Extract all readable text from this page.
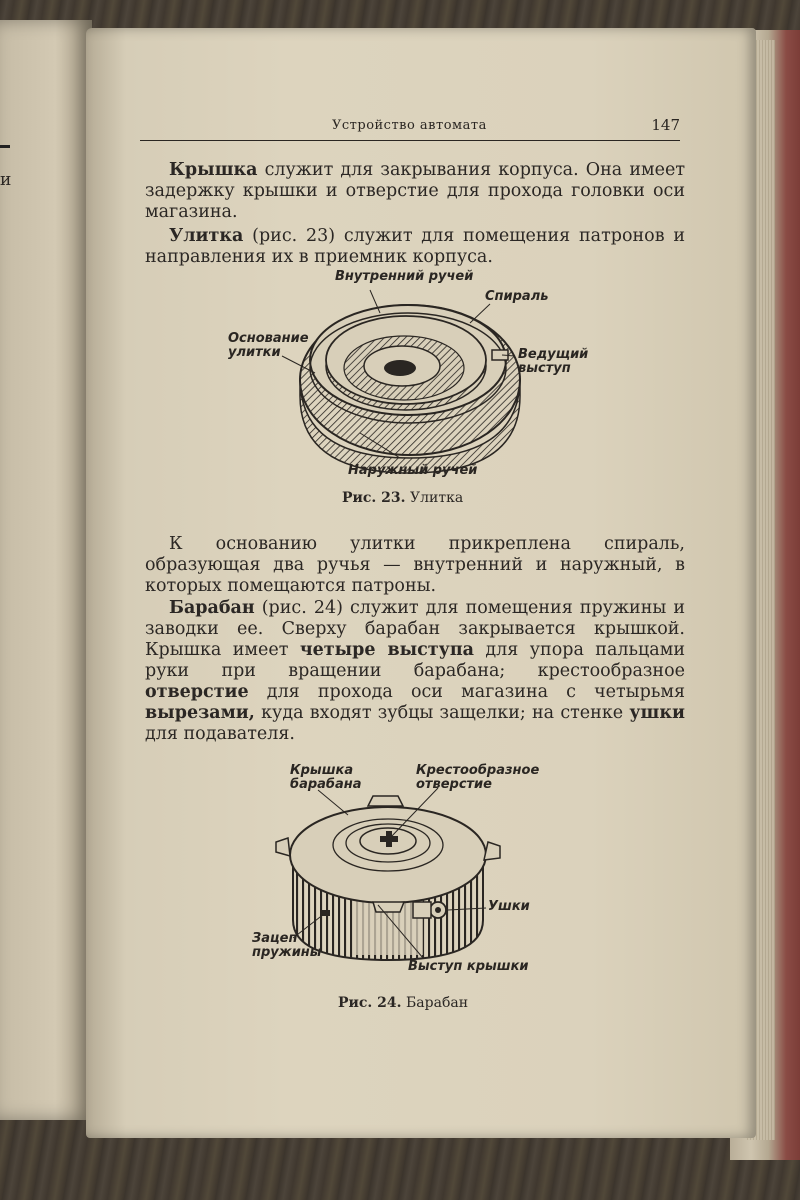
и
Устройство автомата	147
Крышка служит для закрывания корпуса. Она имеет задержку крышки и отверстие для прохода головки оси магазина.
Улитка (рис. 23) служит для помещения патронов и направления их в приемник корпуса.
Внутренний ручей
Спираль
Основание
улитки	Ведущий
выступ
Наружный ручей
Рис. 23. Улитка
К основанию улитки прикреплена спираль, образующая два ручья — внутренний и наружный, в которых помещаются патроны.
Барабан (рис. 24) служит для помещения пружины и заводки ее. Сверху барабан закрывается крышкой. Крышка имеет четыре выступа для упора пальцами руки при вращении барабана; крестообразное отверстие для прохода оси магазина с четырьмя вырезами, куда входят зубцы защелки; на стенке ушки для подавателя.
Крышка
барабана
Крестообразное
отверстие
Ушки
Зацеп
пружины
Выступ крышки
Рис. 24. Барабан
